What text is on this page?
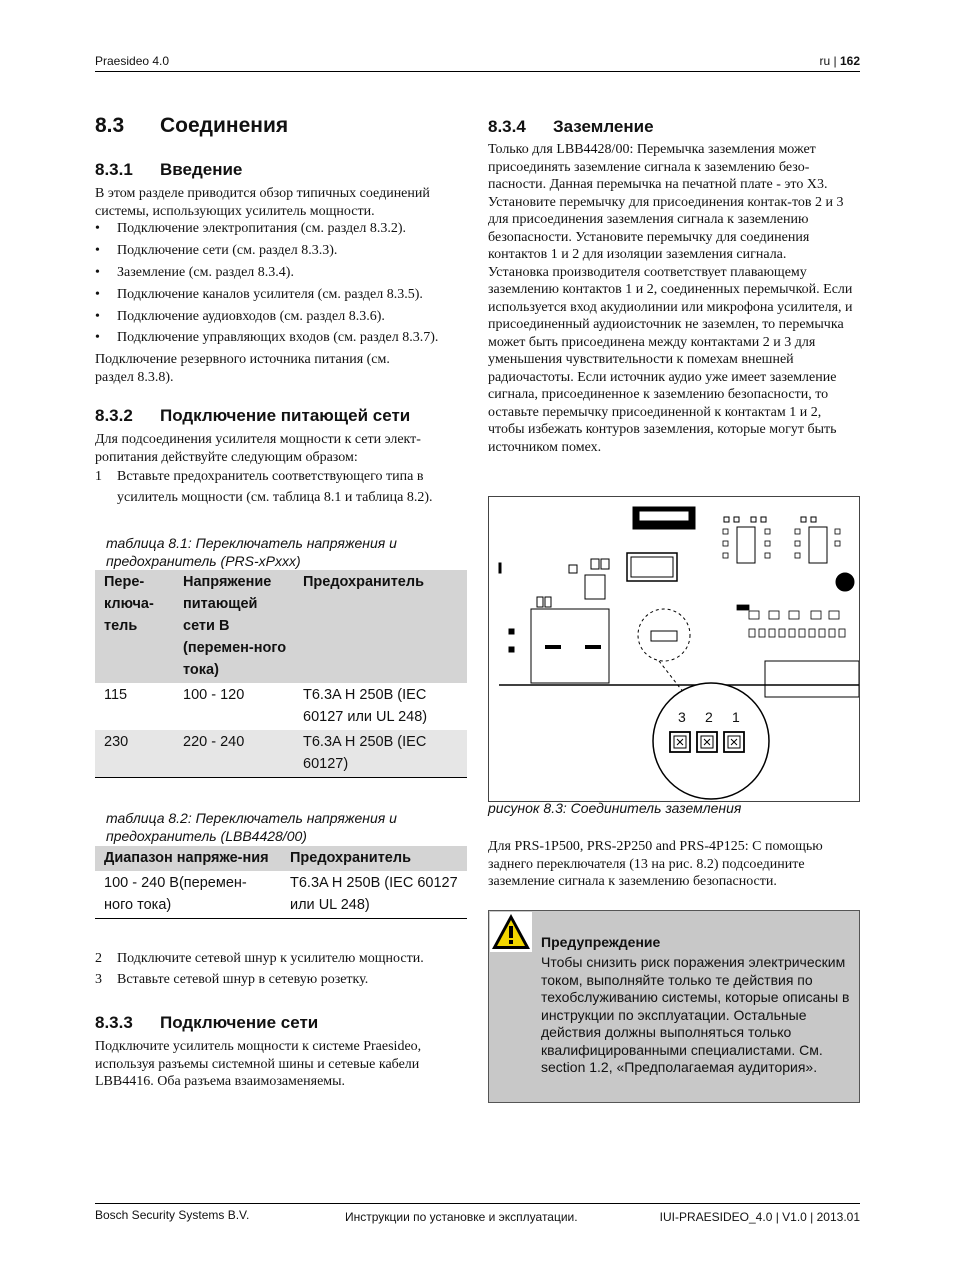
Praesideo 4.0	ru | 162
8.3 Соединения
8.3.1 Введение

В этом разделе приводится обзор типичных соединений системы, использующих усилитель мощности.

• Подключение электропитания (см. раздел 8.3.2).
• Подключение сети (см. раздел 8.3.3).
• Заземление (см. раздел 8.3.4).
• Подключение каналов усилителя (см. раздел 8.3.5).
• Подключение аудиовходов (см. раздел 8.3.6).
• Подключение управляющих входов (см. раздел 8.3.7).

Подключение резервного источника питания (см. раздел 8.3.8).

8.3.2 Подключение питающей сети

Для подсоединения усилителя мощности к сети элект-ропитания действуйте следующим образом:

1 Вставьте предохранитель соответствующего типа в усилитель мощности (см. таблица 8.1 и таблица 8.2).
таблица 8.1: Переключатель напряжения и предохранитель (PRS-xPxxx)
Пере-ключа-тель	Напряжение питающей сети В (перемен-ного тока)	Предохранитель
115	100 - 120	T6.3A H 250B (IEC 60127 или UL 248)
230	220 - 240	T6.3A H 250B (IEC 60127)
таблица 8.2: Переключатель напряжения и предохранитель (LBB4428/00)
Диапазон напряже-ния	Предохранитель
100 - 240 В(перемен-ного тока)	T6.3A H 250B (IEC 60127 или UL 248)
2 Подключите сетевой шнур к усилителю мощности.
3 Вставьте сетевой шнур в сетевую розетку.
8.3.3 Подключение сети

Подключите усилитель мощности к системе Praesideo, используя разъемы системной шины и сетевые кабели LBB4416. Оба разъема взаимозаменяемы.

8.3.4 Заземление

Только для LBB4428/00: Перемычка заземления может присоединять заземление сигнала к заземлению безо-пасности. Данная перемычка на печатной плате - это X3. Установите перемычку для присоединения контак-тов 2 и 3 для присоединения заземления сигнала к заземлению безопасности. Установите перемычку для соединения контактов 1 и 2 для изоляции заземления сигнала.

Установка производителя соответствует плавающему заземлению контактов 1 и 2, соединенных перемычкой. Если используется вход акудиолинии или микрофона усилителя, и присоединенный аудиоисточник не заземлен, то перемычка может быть присоединена между контактами 2 и 3 для уменьшения чувствительности к помехам внешней радиочастоты. Если источник аудио уже имеет заземление сигнала, присоединенное к заземлению безопасности, то оставьте перемычку присоединенной к контактам 1 и 2, чтобы избежать контуров заземления, которые могут быть источником помех.

3 2 1
рисунок 8.3: Соединитель заземления

Для PRS-1P500, PRS-2P250 and PRS-4P125: С помощью заднего переключателя (13 на рис. 8.2) подсоедините заземление сигнала к заземлению безопасности.

Предупреждение
Чтобы снизить риск поражения электрическим током, выполняйте только те действия по техобслуживанию системы, которые описаны в инструкции по эксплуатации. Остальные действия должны выполняться только квалифицированными специалистами. См. section 1.2, «Предполагаемая аудитория».
Bosch Security Systems B.V.	Инструкции по установке и эксплуатации.	IUI-PRAESIDEO_4.0 | V1.0 | 2013.01
